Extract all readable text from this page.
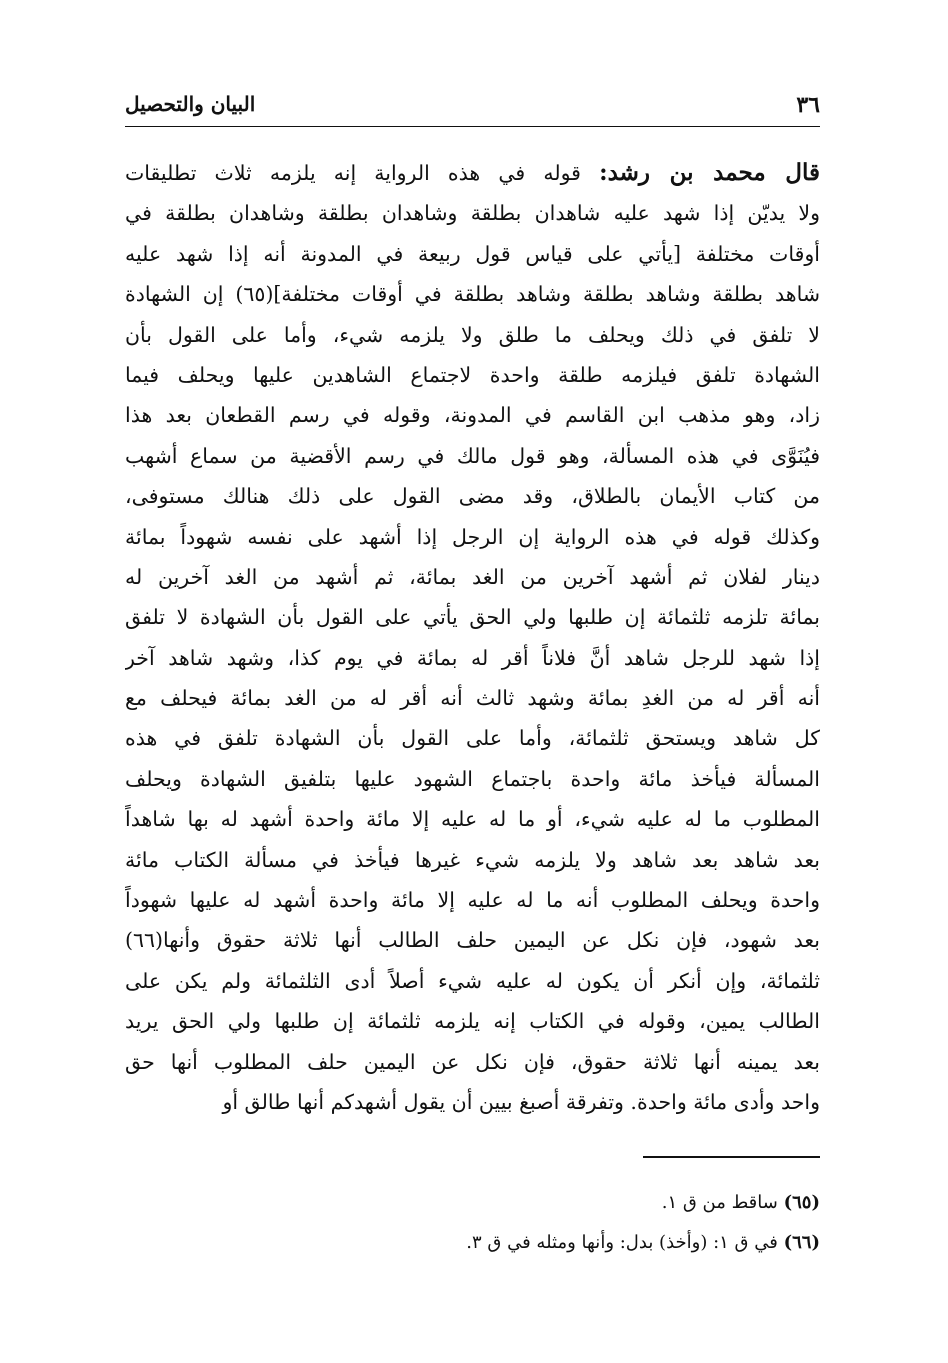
٣٦
البيان والتحصيل
قال محمد بن رشد: قوله في هذه الرواية إنه يلزمه ثلاث تطليقات
ولا يديّن إذا شهد عليه شاهدان بطلقة وشاهدان بطلقة وشاهدان بطلقة في
أوقات مختلفة [يأتي على قياس قول ربيعة في المدونة أنه إذا شهد عليه
شاهد بطلقة وشاهد بطلقة وشاهد بطلقة في أوقات مختلفة](٦٥) إن الشهادة
لا تلفق في ذلك ويحلف ما طلق ولا يلزمه شيء، وأما على القول بأن
الشهادة تلفق فيلزمه طلقة واحدة لاجتماع الشاهدين عليها ويحلف فيما
زاد، وهو مذهب ابن القاسم في المدونة، وقوله في رسم القطعان بعد هذا
فيُنَوَّى في هذه المسألة، وهو قول مالك في رسم الأقضية من سماع أشهب
من كتاب الأيمان بالطلاق، وقد مضى القول على ذلك هنالك مستوفى،
وكذلك قوله في هذه الرواية إن الرجل إذا أشهد على نفسه شهوداً بمائة
دينار لفلان ثم أشهد آخرين من الغد بمائة، ثم أشهد من الغد آخرين له
بمائة تلزمه ثلثمائة إن طلبها ولي الحق يأتي على القول بأن الشهادة لا تلفق
إذا شهد للرجل شاهد أنَّ فلاناً أقر له بمائة في يوم كذا، وشهد شاهد آخر
أنه أقر له من الغدِ بمائة وشهد ثالث أنه أقر له من الغد بمائة فيحلف مع
كل شاهد ويستحق ثلثمائة، وأما على القول بأن الشهادة تلفق في هذه
المسألة فيأخذ مائة واحدة باجتماع الشهود عليها بتلفيق الشهادة ويحلف
المطلوب ما له عليه شيء، أو ما له عليه إلا مائة واحدة أشهد له بها شاهداً
بعد شاهد بعد شاهد ولا يلزمه شيء غيرها فيأخذ في مسألة الكتاب مائة
واحدة ويحلف المطلوب أنه ما له عليه إلا مائة واحدة أشهد له عليها شهوداً
بعد شهود، فإن نكل عن اليمين حلف الطالب أنها ثلاثة حقوق وأنها(٦٦)
ثلثمائة، وإن أنكر أن يكون له عليه شيء أصلاً أدى الثلثمائة ولم يكن على
الطالب يمين، وقوله في الكتاب إنه يلزمه ثلثمائة إن طلبها ولي الحق يريد
بعد يمينه أنها ثلاثة حقوق، فإن نكل عن اليمين حلف المطلوب أنها حق
واحد وأدى مائة واحدة. وتفرقة أصبغ بيين أن يقول أشهدكم أنها طالق أو
(٦٥) ساقط من ق ١.
(٦٦) في ق ١: (وأخذ) بدل: وأنها ومثله في ق ٣.
